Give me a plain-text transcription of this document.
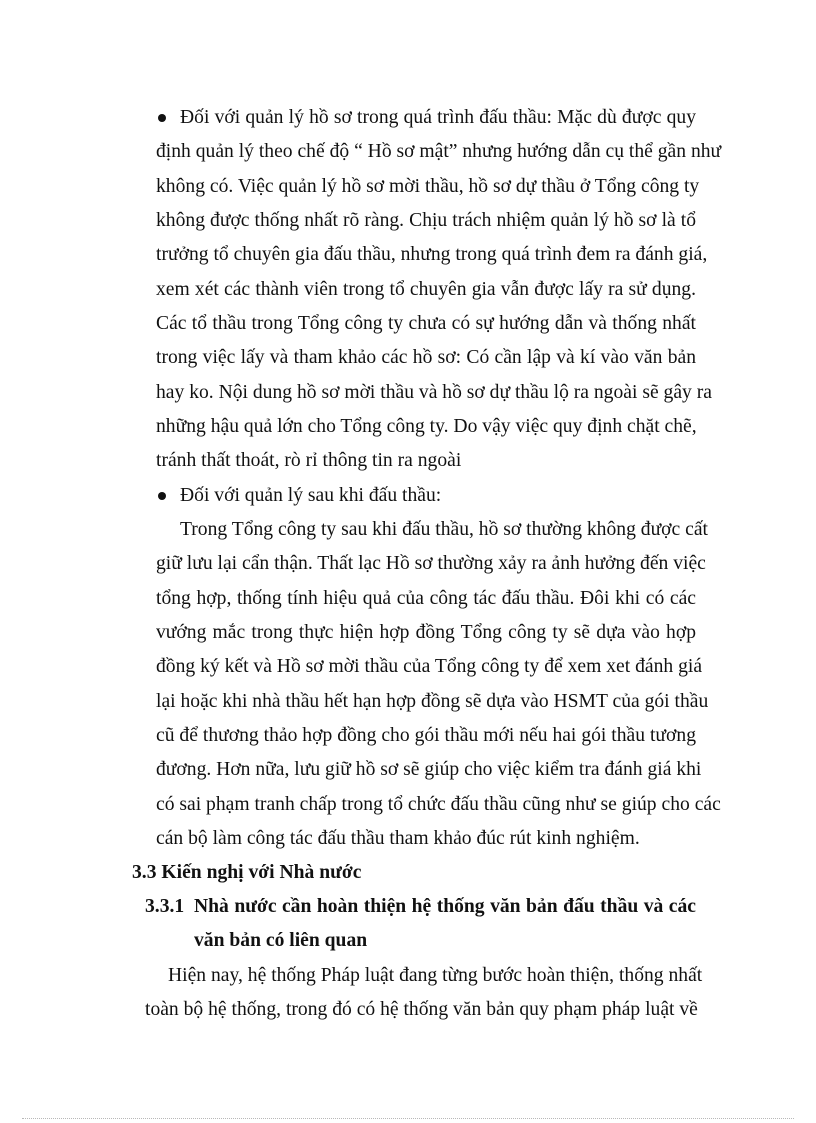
Đối với quản lý hồ sơ trong quá trình đấu thầu: Mặc dù được quy
định quản lý theo chế độ “ Hồ sơ mật” nhưng hướng dẫn cụ thể gần như
không có. Việc quản lý hồ sơ mời thầu, hồ sơ dự thầu ở Tổng công ty
không được thống nhất rõ ràng. Chịu trách nhiệm quản lý hồ sơ là tổ
trưởng tổ chuyên gia đấu thầu, nhưng trong quá trình đem ra đánh giá,
xem xét các thành viên trong tổ chuyên gia vẫn được lấy ra sử dụng.
Các tổ thầu trong Tổng công ty chưa có sự hướng dẫn và thống nhất
trong việc lấy và tham khảo các hồ sơ: Có cần lập và kí vào văn bản
hay ko. Nội dung hồ sơ mời thầu và hồ sơ dự thầu lộ ra ngoài sẽ gây ra
những hậu quả lớn cho Tổng công ty. Do vậy việc quy định chặt chẽ,
tránh thất thoát, rò rỉ thông tin ra ngoài
Đối với quản lý sau khi đấu thầu:
Trong Tổng công ty sau khi đấu thầu, hồ sơ thường không được cất
giữ lưu lại cẩn thận. Thất lạc Hồ sơ thường xảy ra ảnh hưởng đến việc
tổng hợp, thống tính hiệu quả của công tác đấu thầu. Đôi khi có các
vướng mắc trong thực hiện hợp đồng Tổng công ty sẽ dựa vào hợp
đồng ký kết và Hồ sơ mời thầu của Tổng công ty để xem xet đánh giá
lại hoặc khi nhà thầu hết hạn hợp đồng sẽ dựa vào HSMT của gói thầu
cũ để thương thảo hợp đồng cho gói thầu mới nếu hai gói thầu tương
đương. Hơn nữa, lưu giữ hồ sơ sẽ giúp cho việc kiểm tra đánh giá khi
có sai phạm tranh chấp trong tổ chức đấu thầu cũng như se giúp cho các
cán bộ làm công tác đấu thầu tham khảo đúc rút kinh nghiệm.
3.3 Kiến nghị với Nhà nước
3.3.1 Nhà nước cần hoàn thiện hệ thống văn bản đấu thầu và các
văn bản có liên quan
Hiện nay, hệ thống Pháp luật đang từng bước hoàn thiện, thống nhất
toàn bộ hệ thống, trong đó có hệ thống văn bản quy phạm pháp luật về
